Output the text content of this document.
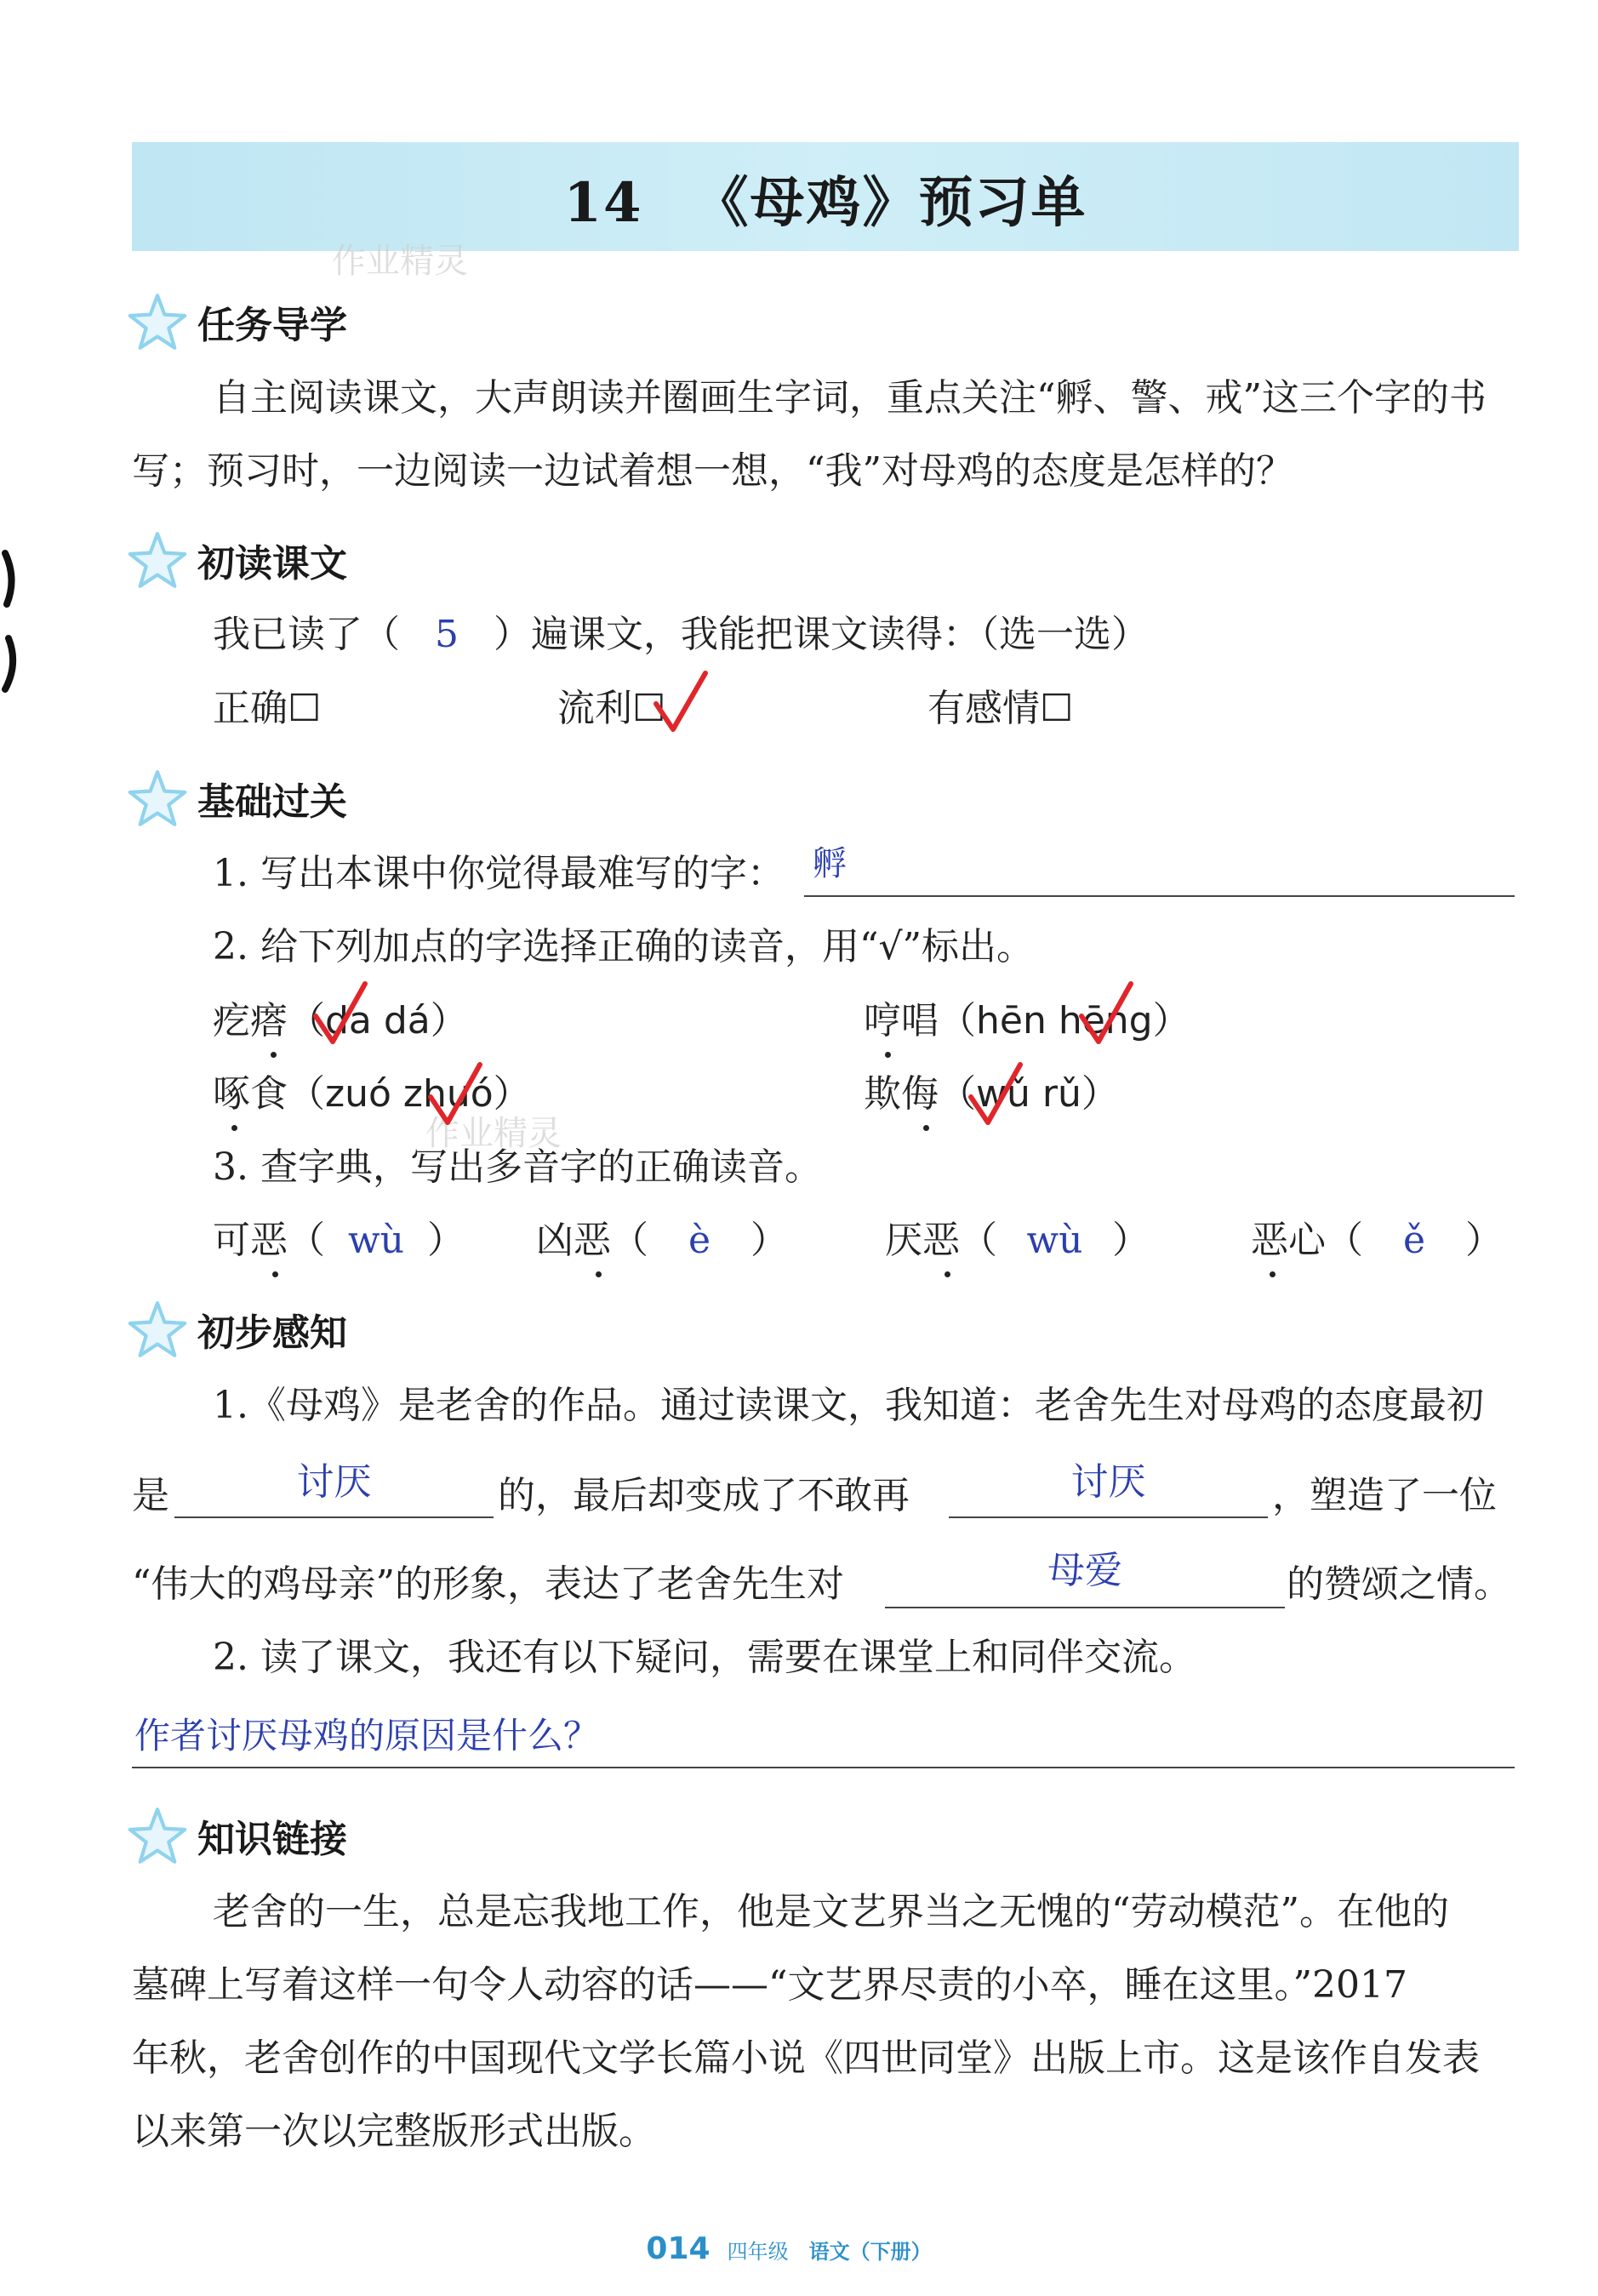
14 《母鸡》预习单
作业精灵
作业精灵
任务导学
自主阅读课文，大声朗读并圈画生字词，重点关注“孵、警、戒”这三个字的书
写；预习时，一边阅读一边试着想一想，“我”对母鸡的态度是怎样的？
初读课文
我已读了（ 5 ）遍课文，我能把课文读得：（选一选）
正确☐	流利☐	有感情☐
基础过关
1. 写出本课中你觉得最难写的字： 孵
2. 给下列加点的字选择正确的读音，用“√”标出。
疙瘩（da dá）	哼唱（hēn hēng）
啄食（zuó zhuó）	欺侮（wǔ rǔ）
3. 查字典，写出多音字的正确读音。
可恶（ wù ） 凶恶（ è ）	厌恶（ wù ）	恶心（ ě ）
初步感知
1.《母鸡》是老舍的作品。通过读课文，我知道：老舍先生对母鸡的态度最初
是	讨厌	的，最后却变成了不敢再	讨厌	，塑造了一位
“伟大的鸡母亲”的形象，表达了老舍先生对	母爱	的赞颂之情。
2. 读了课文，我还有以下疑问，需要在课堂上和同伴交流。
作者讨厌母鸡的原因是什么？
知识链接
老舍的一生，总是忘我地工作，他是文艺界当之无愧的“劳动模范”。在他的
墓碑上写着这样一句令人动容的话——“文艺界尽责的小卒，睡在这里。”2017
年秋，老舍创作的中国现代文学长篇小说《四世同堂》出版上市。这是该作自发表
以来第一次以完整版形式出版。
014 四年级 语文（下册）
